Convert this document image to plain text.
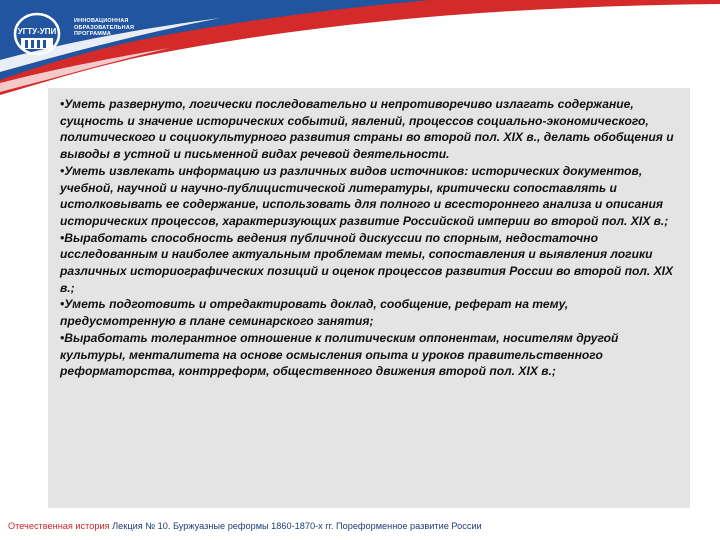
УГТУ-УПИ
ИННОВАЦИОННАЯ
ОБРАЗОВАТЕЛЬНАЯ
ПРОГРАММА
•Уметь развернуто, логически последовательно и непротиворечиво излагать содержание, сущность и значение исторических событий, явлений, процессов социально-экономического, политического и социокультурного развития страны во второй пол. XIX в., делать обобщения и выводы в устной и письменной видах речевой деятельности.
•Уметь извлекать информацию из различных видов источников: исторических документов, учебной, научной и научно-публицистической литературы, критически сопоставлять и истолковывать ее содержание, использовать для полного и всестороннего анализа и описания исторических процессов, характеризующих развитие Российской империи во второй пол. XIX в.;
•Выработать способность ведения публичной дискуссии по спорным, недостаточно исследованным и наиболее актуальным проблемам темы, сопоставления и выявления логики различных историографических позиций и оценок процессов развития России во второй пол. XIX в.;
•Уметь подготовить и отредактировать доклад, сообщение, реферат на тему, предусмотренную в плане семинарского занятия;
•Выработать толерантное отношение к политическим оппонентам, носителям другой культуры, менталитета на основе осмысления опыта и уроков правительственного реформаторства, контрреформ, общественного движения второй пол. XIX в.;
Отечественная история Лекция № 10. Буржуазные реформы 1860-1870-х гг. Пореформенное развитие России
